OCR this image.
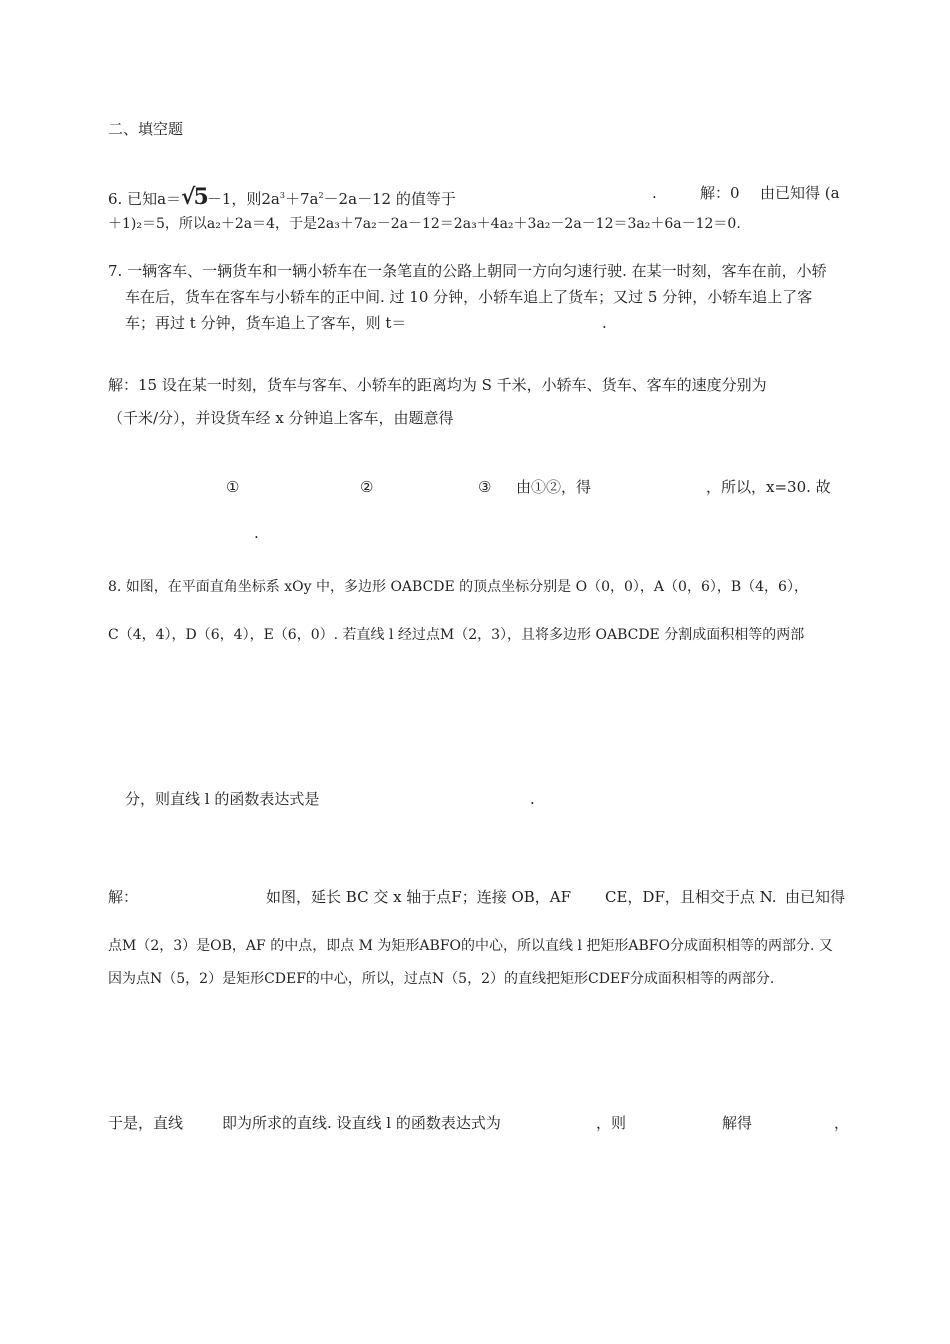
二、填空题
6. 已知a＝√5－1，则$2a^3+7a^2-2a-12$ 的值等于	.	解：0 由已知得 (a
＋1)₂＝5，所以a₂＋2a＝4，于是2a₃＋7a₂－2a－12＝2a₃＋4a₂＋3a₂－2a－12＝3a₂＋6a－12＝0.
7. 一辆客车、一辆货车和一辆小轿车在一条笔直的公路上朝同一方向匀速行驶. 在某一时刻，客车在前，小轿
车在后，货车在客车与小轿车的正中间. 过 10 分钟，小轿车追上了货车；又过 5 分钟，小轿车追上了客
车；再过 t 分钟，货车追上了客车，则 t＝	.
解：15 设在某一时刻，货车与客车、小轿车的距离均为 S 千米，小轿车、货车、客车的速度分别为
（千米/分），并设货车经 x 分钟追上客车，由题意得
①	②	③ 由①②，得	，所以，x=30. 故
.
8. 如图，在平面直角坐标系 xOy 中，多边形 OABCDE 的顶点坐标分别是 O（0，0），A（0，6），B（4，6），
C（4，4），D（6，4），E（6，0）. 若直线 l 经过点M（2，3），且将多边形 OABCDE 分割成面积相等的两部
分，则直线 l 的函数表达式是	.
解：	如图，延长 BC 交 x 轴于点F；连接 OB，AF CE，DF，且相交于点 N. 由已知得
点M（2，3）是OB，AF 的中点，即点 M 为矩形ABFO的中心，所以直线 l 把矩形ABFO分成面积相等的两部分. 又
因为点N（5，2）是矩形CDEF的中心，所以，过点N（5，2）的直线把矩形CDEF分成面积相等的两部分.
于是，直线	即为所求的直线. 设直线 l 的函数表达式为	，则	解得	，
